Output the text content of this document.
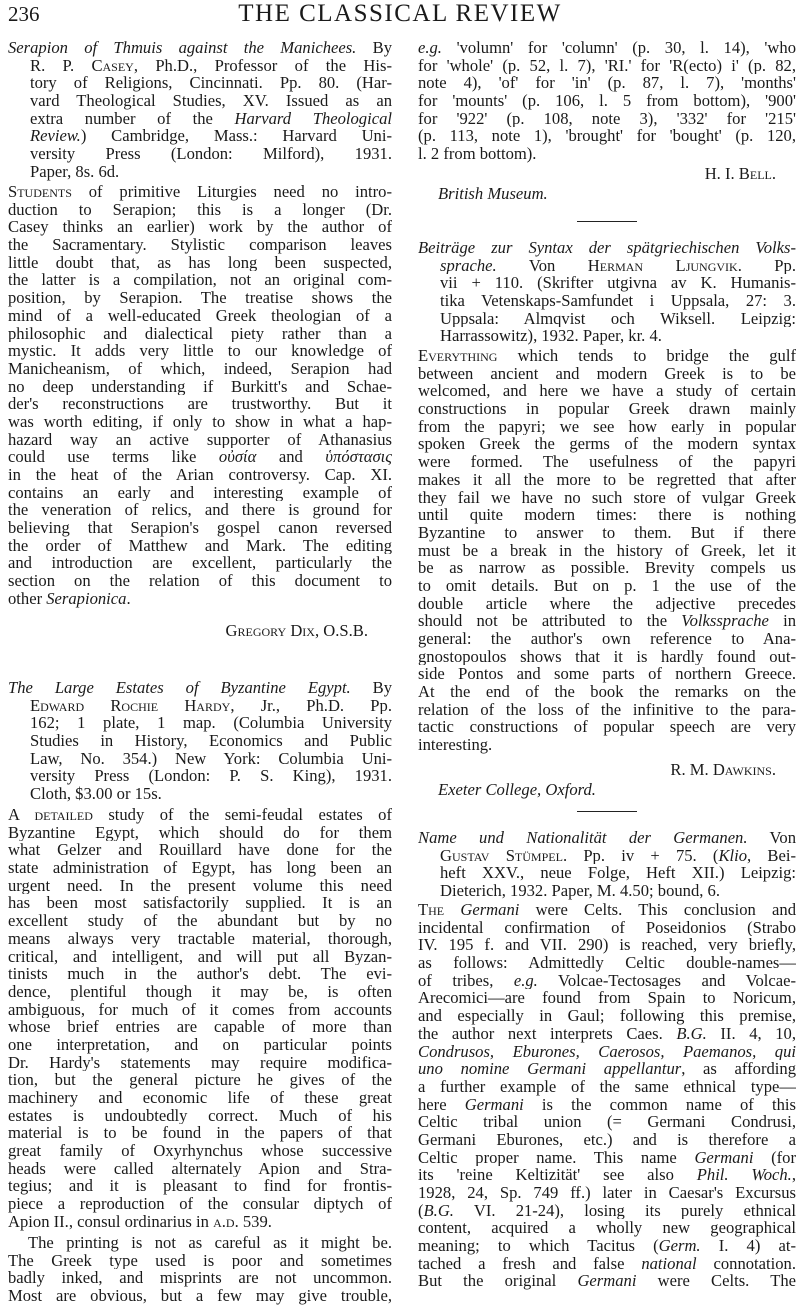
236	THE CLASSICAL REVIEW
Serapion of Thmuis against the Manichees. By
R. P. Casey, Ph.D., Professor of the His-
tory of Religions, Cincinnati. Pp. 80. (Har-
vard Theological Studies, XV. Issued as an
extra number of the Harvard Theological
Review.) Cambridge, Mass.: Harvard Uni-
versity Press (London: Milford), 1931.
Paper, 8s. 6d.
Students of primitive Liturgies need no intro-
duction to Serapion; this is a longer (Dr.
Casey thinks an earlier) work by the author of
the Sacramentary. Stylistic comparison leaves
little doubt that, as has long been suspected,
the latter is a compilation, not an original com-
position, by Serapion. The treatise shows the
mind of a well-educated Greek theologian of a
philosophic and dialectical piety rather than a
mystic. It adds very little to our knowledge of
Manicheanism, of which, indeed, Serapion had
no deep understanding if Burkitt's and Schae-
der's reconstructions are trustworthy. But it
was worth editing, if only to show in what a hap-
hazard way an active supporter of Athanasius
could use terms like οὐσία and ὑπόστασις
in the heat of the Arian controversy. Cap. XI.
contains an early and interesting example of
the veneration of relics, and there is ground for
believing that Serapion's gospel canon reversed
the order of Matthew and Mark. The editing
and introduction are excellent, particularly the
section on the relation of this document to
other Serapionica.
Gregory Dix, O.S.B.
The Large Estates of Byzantine Egypt. By
Edward Rochie Hardy, Jr., Ph.D. Pp.
162; 1 plate, 1 map. (Columbia University
Studies in History, Economics and Public
Law, No. 354.) New York: Columbia Uni-
versity Press (London: P. S. King), 1931.
Cloth, $3.00 or 15s.
A detailed study of the semi-feudal estates of
Byzantine Egypt, which should do for them
what Gelzer and Rouillard have done for the
state administration of Egypt, has long been an
urgent need. In the present volume this need
has been most satisfactorily supplied. It is an
excellent study of the abundant but by no
means always very tractable material, thorough,
critical, and intelligent, and will put all Byzan-
tinists much in the author's debt. The evi-
dence, plentiful though it may be, is often
ambiguous, for much of it comes from accounts
whose brief entries are capable of more than
one interpretation, and on particular points
Dr. Hardy's statements may require modifica-
tion, but the general picture he gives of the
machinery and economic life of these great
estates is undoubtedly correct. Much of his
material is to be found in the papers of that
great family of Oxyrhynchus whose successive
heads were called alternately Apion and Stra-
tegius; and it is pleasant to find for frontis-
piece a reproduction of the consular diptych of
Apion II., consul ordinarius in a.d. 539.
The printing is not as careful as it might be.
The Greek type used is poor and sometimes
badly inked, and misprints are not uncommon.
Most are obvious, but a few may give trouble,
e.g. 'volumn' for 'column' (p. 30, l. 14), 'who
for 'whole' (p. 52, l. 7), 'RI.' for 'R(ecto) i' (p. 82,
note 4), 'of' for 'in' (p. 87, l. 7), 'months'
for 'mounts' (p. 106, l. 5 from bottom), '900'
for '922' (p. 108, note 3), '332' for '215'
(p. 113, note 1), 'brought' for 'bought' (p. 120,
l. 2 from bottom).
H. I. Bell.
British Museum.
Beiträge zur Syntax der spätgriechischen Volks-
sprache. Von Herman Ljungvik. Pp.
vii + 110. (Skrifter utgivna av K. Humanis-
tika Vetenskaps-Samfundet i Uppsala, 27: 3.
Uppsala: Almqvist och Wiksell. Leipzig:
Harrassowitz), 1932. Paper, kr. 4.
Everything which tends to bridge the gulf
between ancient and modern Greek is to be
welcomed, and here we have a study of certain
constructions in popular Greek drawn mainly
from the papyri; we see how early in popular
spoken Greek the germs of the modern syntax
were formed. The usefulness of the papyri
makes it all the more to be regretted that after
they fail we have no such store of vulgar Greek
until quite modern times: there is nothing
Byzantine to answer to them. But if there
must be a break in the history of Greek, let it
be as narrow as possible. Brevity compels us
to omit details. But on p. 1 the use of the
double article where the adjective precedes
should not be attributed to the Volkssprache in
general: the author's own reference to Ana-
gnostopoulos shows that it is hardly found out-
side Pontos and some parts of northern Greece.
At the end of the book the remarks on the
relation of the loss of the infinitive to the para-
tactic constructions of popular speech are very
interesting.
R. M. Dawkins.
Exeter College, Oxford.
Name und Nationalität der Germanen. Von
Gustav Stümpel. Pp. iv + 75. (Klio, Bei-
heft XXV., neue Folge, Heft XII.) Leipzig:
Dieterich, 1932. Paper, M. 4.50; bound, 6.
The Germani were Celts. This conclusion and
incidental confirmation of Poseidonios (Strabo
IV. 195 f. and VII. 290) is reached, very briefly,
as follows: Admittedly Celtic double-names—
of tribes, e.g. Volcae-Tectosages and Volcae-
Arecomici—are found from Spain to Noricum,
and especially in Gaul; following this premise,
the author next interprets Caes. B.G. II. 4, 10,
Condrusos, Eburones, Caerosos, Paemanos, qui
uno nomine Germani appellantur, as affording
a further example of the same ethnical type—
here Germani is the common name of this
Celtic tribal union (= Germani Condrusi,
Germani Eburones, etc.) and is therefore a
Celtic proper name. This name Germani (for
its 'reine Keltizität' see also Phil. Woch.,
1928, 24, Sp. 749 ff.) later in Caesar's Excursus
(B.G. VI. 21-24), losing its purely ethnical
content, acquired a wholly new geographical
meaning; to which Tacitus (Germ. I. 4) at-
tached a fresh and false national connotation.
But the original Germani were Celts. The
